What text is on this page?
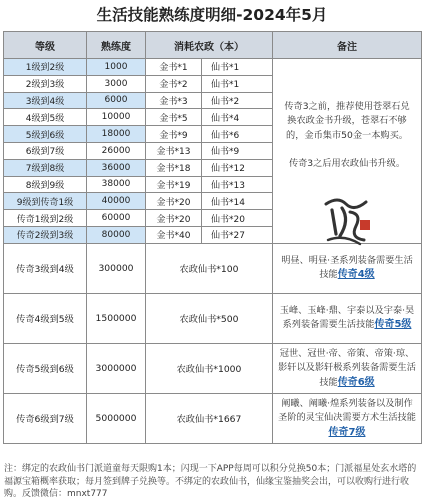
生活技能熟练度明细-2024年5月
等级	熟练度	消耗农政（本）		备注
1级到2级	1000	金书*1	仙书*1	传奇3之前，推荐使用苍翠石兑换农政金书升级，苍翠石不够的，金币集市50金一本购买。

传奇3之后用农政仙书升级。

2级到3级	3000	金书*2	仙书*1	
3级到4级	6000	金书*3	仙书*2	
4级到5级	10000	金书*5	仙书*4	
5级到6级	18000	金书*9	仙书*6	
6级到7级	26000	金书*13	仙书*9	
7级到8级	36000	金书*18	仙书*12	
8级到9级	38000	金书*19	仙书*13	
9级到传奇1级	40000	金书*20	仙书*14	
传奇1级到2级	60000	金书*20	仙书*20	
传奇2级到3级	80000	金书*40	仙书*27	
传奇3级到4级	300000	农政仙书*100		明昼、明昼·圣系列装备需要生活技能传奇4级
传奇4级到5级	1500000	农政仙书*500		玉峰、玉峰·鼎、宇泰以及宇泰·昊系列装备需要生活技能传奇5级
传奇5级到6级	3000000	农政仙书*1000		冠世、冠世·帝、帝策、帝策·琼、影轩以及影轩极系列装备需要生活技能传奇6级
传奇6级到7级	5000000	农政仙书*1667		阐曦、阐曦·煌系列装备以及制作圣阶的灵宝仙决需要方术生活技能传奇7级
注：绑定的农政仙书门派道童每天限购1本；闪现一下APP每周可以积分兑换50本；门派福星处玄水塔的福源宝箱概率获取；每月签到牌子兑换等。不绑定的农政仙书，仙缘宝鉴抽奖会出，可以收购行进行收购。反馈微信：mnxt777
